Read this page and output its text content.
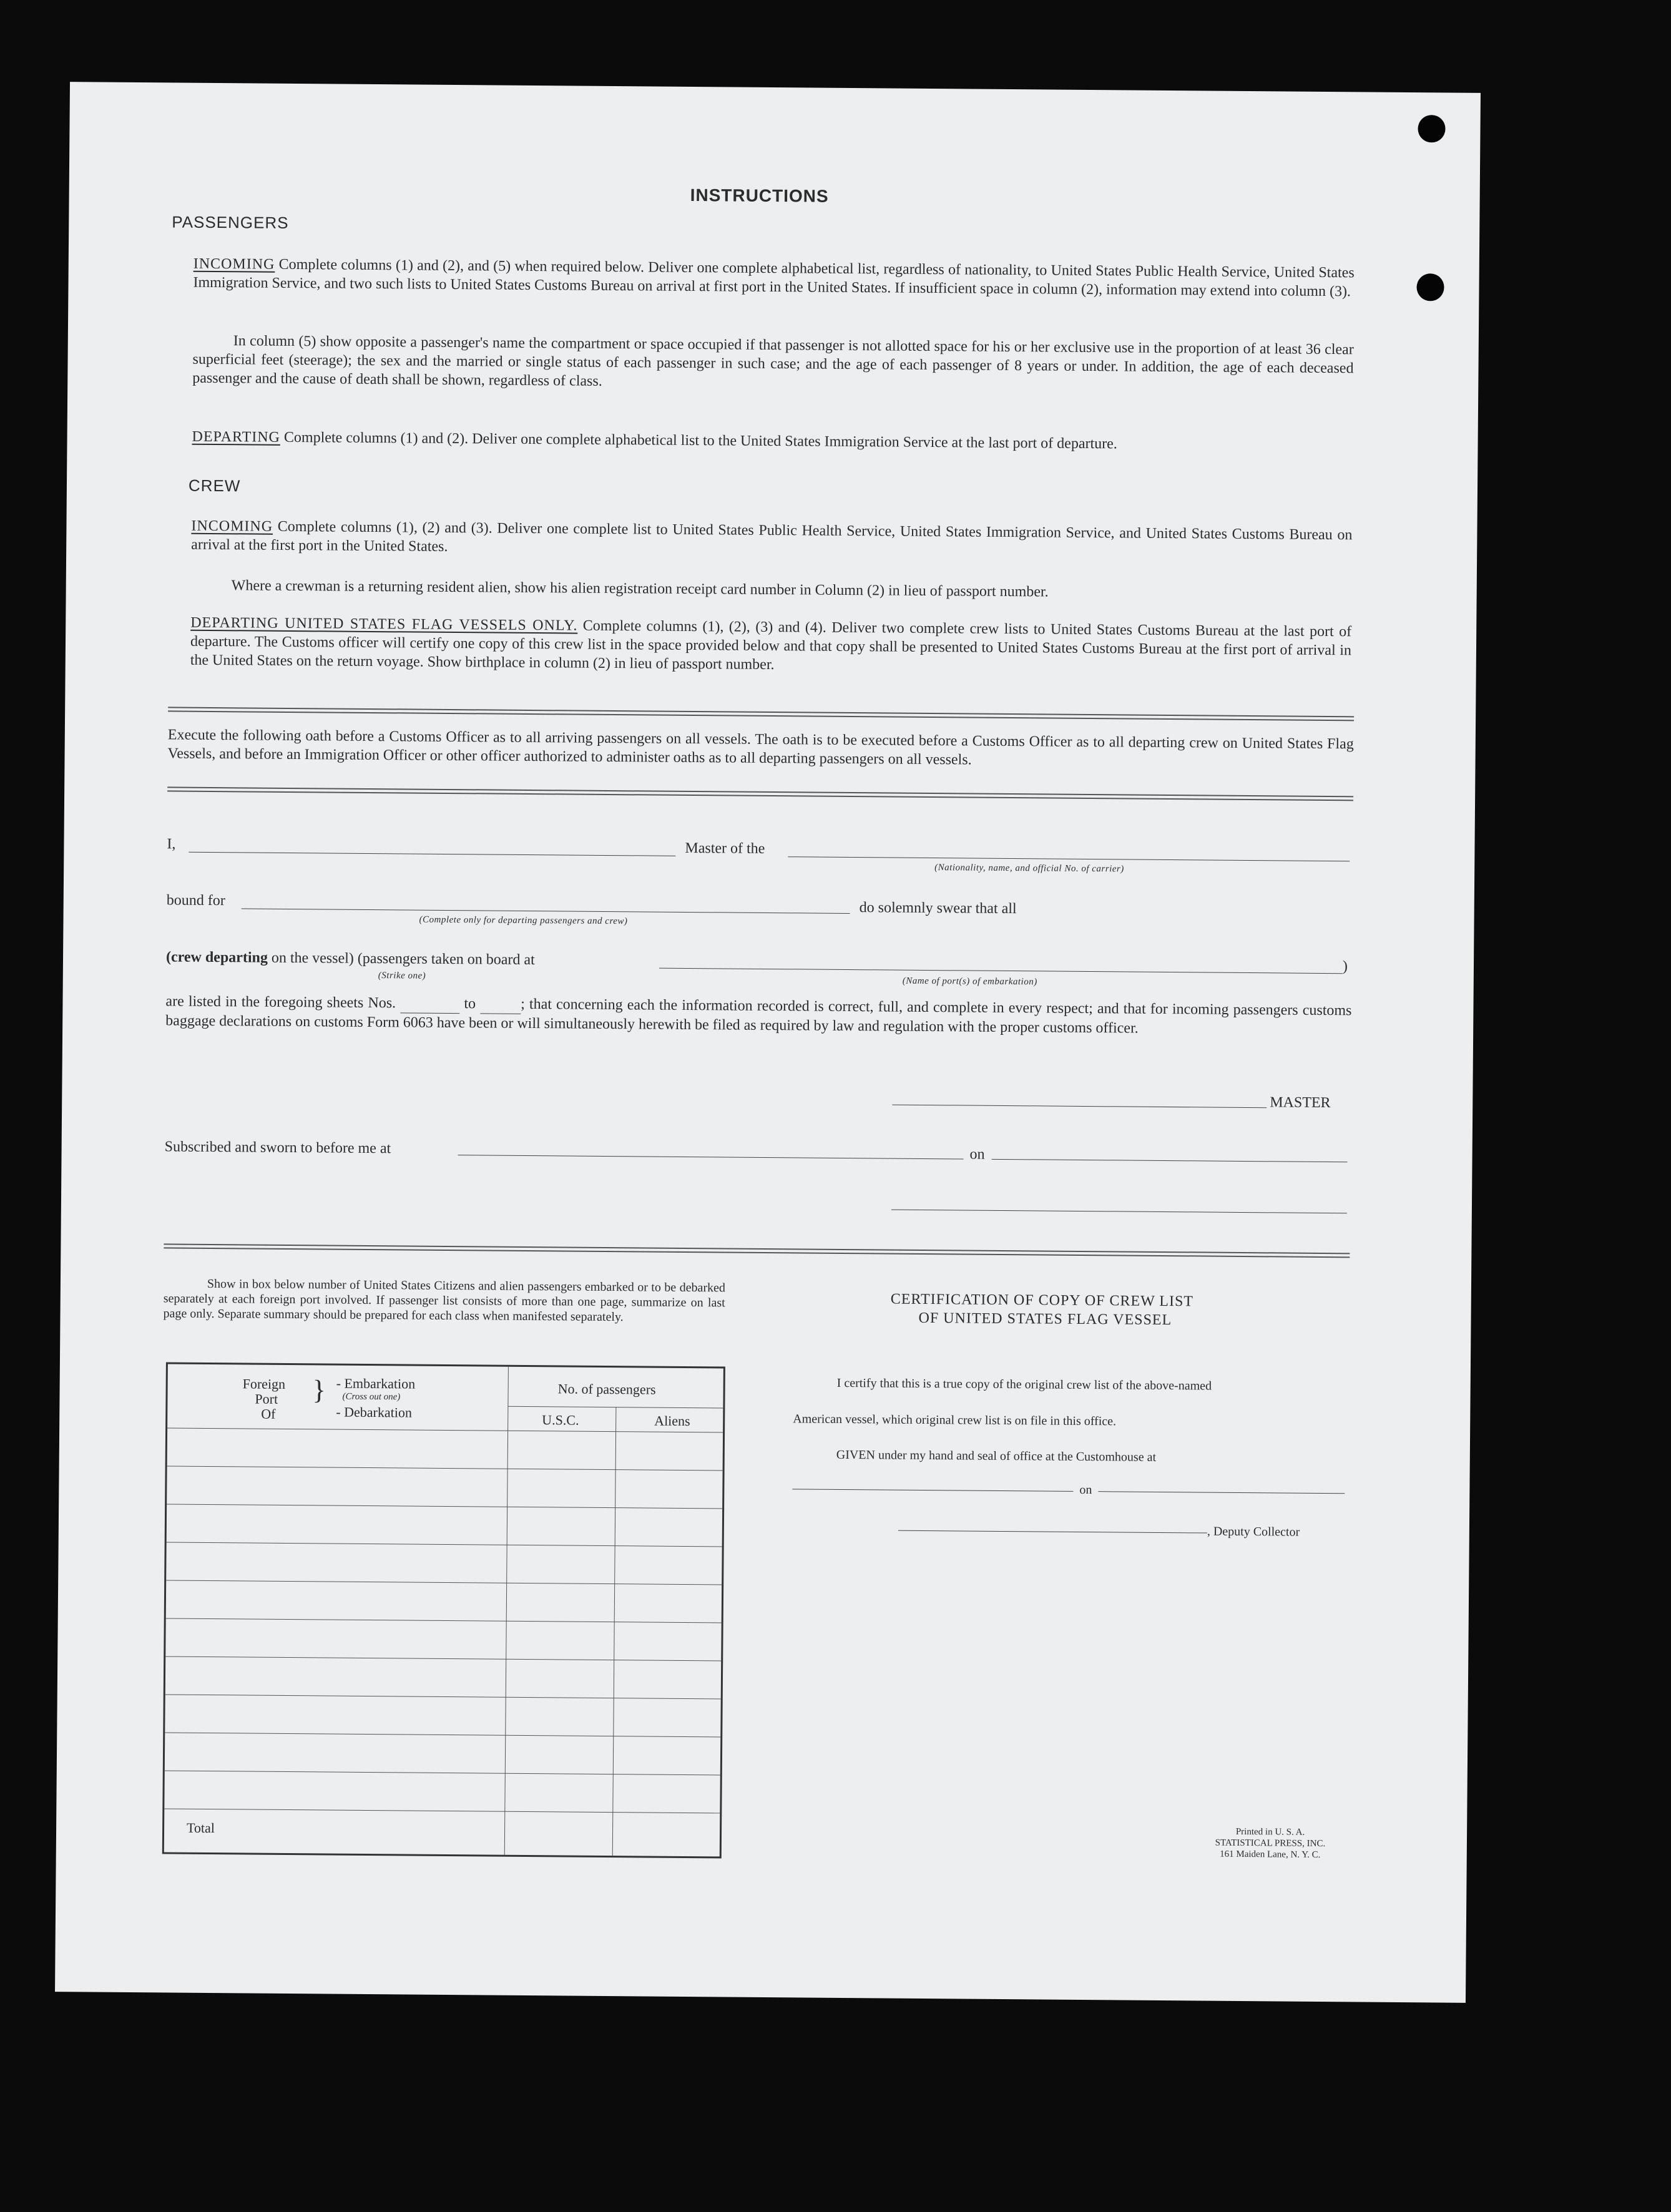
INSTRUCTIONS
PASSENGERS
INCOMING Complete columns (1) and (2), and (5) when required below. Deliver one complete alphabetical list, regardless of nationality, to United States Public Health Service, United States Immigration Service, and two such lists to United States Customs Bureau on arrival at first port in the United States. If insufficient space in column (2), information may extend into column (3).
In column (5) show opposite a passenger's name the compartment or space occupied if that passenger is not allotted space for his or her exclusive use in the proportion of at least 36 clear superficial feet (steerage); the sex and the married or single status of each passenger in such case; and the age of each passenger of 8 years or under. In addition, the age of each deceased passenger and the cause of death shall be shown, regardless of class.
DEPARTING Complete columns (1) and (2). Deliver one complete alphabetical list to the United States Immigration Service at the last port of departure.
CREW
INCOMING Complete columns (1), (2) and (3). Deliver one complete list to United States Public Health Service, United States Immigration Service, and United States Customs Bureau on arrival at the first port in the United States.
Where a crewman is a returning resident alien, show his alien registration receipt card number in Column (2) in lieu of passport number.
DEPARTING UNITED STATES FLAG VESSELS ONLY. Complete columns (1), (2), (3) and (4). Deliver two complete crew lists to United States Customs Bureau at the last port of departure. The Customs officer will certify one copy of this crew list in the space provided below and that copy shall be presented to United States Customs Bureau at the first port of arrival in the United States on the return voyage. Show birthplace in column (2) in lieu of passport number.
Execute the following oath before a Customs Officer as to all arriving passengers on all vessels. The oath is to be executed before a Customs Officer as to all departing crew on United States Flag Vessels, and before an Immigration Officer or other officer authorized to administer oaths as to all departing passengers on all vessels.
I,	Master of the
(Nationality, name, and official No. of carrier)
bound for
(Complete only for departing passengers and crew)
do solemnly swear that all
(crew departing on the vessel) (passengers taken on board at
(Strike one)
)
(Name of port(s) of embarkation)
are listed in the foregoing sheets Nos.	to	; that concerning each the information recorded is correct, full, and complete in every respect; and that for incoming passengers customs baggage declarations on customs Form 6063 have been or will simultaneously herewith be filed as required by law and regulation with the proper customs officer.
MASTER
Subscribed and sworn to before me at	on
Show in box below number of United States Citizens and alien passengers embarked or to be debarked separately at each foreign port involved. If passenger list consists of more than one page, summarize on last page only. Separate summary should be prepared for each class when manifested separately.
Foreign
Port
Of
} - Embarkation
(Cross out one)
- Debarkation
No. of passengers
U.S.C.	Aliens
Total
CERTIFICATION OF COPY OF CREW LIST
OF UNITED STATES FLAG VESSEL
I certify that this is a true copy of the original crew list of the above-named
American vessel, which original crew list is on file in this office.
GIVEN under my hand and seal of office at the Customhouse at
on
, Deputy Collector
Printed in U. S. A.
STATISTICAL PRESS, INC.
161 Maiden Lane, N. Y. C.
